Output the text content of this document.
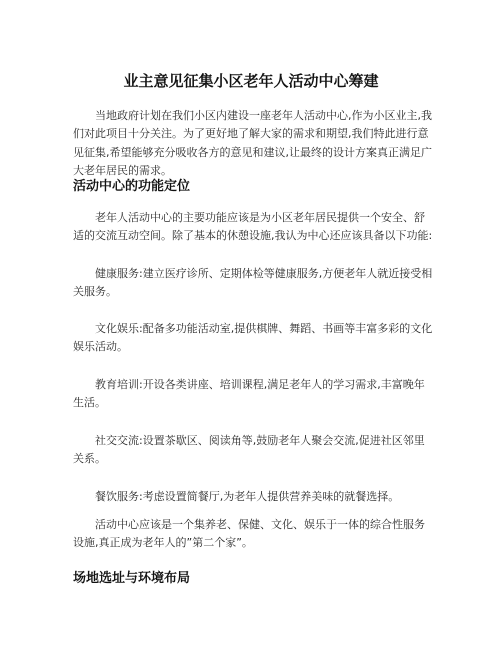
业主意见征集小区老年人活动中心筹建

当地政府计划在我们小区内建设一座老年人活动中心,作为小区业主,我们对此项目十分关注。为了更好地了解大家的需求和期望,我们特此进行意见征集,希望能够充分吸收各方的意见和建议,让最终的设计方案真正满足广大老年居民的需求。

活动中心的功能定位

老年人活动中心的主要功能应该是为小区老年居民提供一个安全、舒适的交流互动空间。除了基本的休憩设施,我认为中心还应该具备以下功能:

健康服务:建立医疗诊所、定期体检等健康服务,方便老年人就近接受相关服务。

文化娱乐:配备多功能活动室,提供棋牌、舞蹈、书画等丰富多彩的文化娱乐活动。

教育培训:开设各类讲座、培训课程,满足老年人的学习需求,丰富晚年生活。

社交交流:设置茶歇区、阅读角等,鼓励老年人聚会交流,促进社区邻里关系。

餐饮服务:考虑设置简餐厅,为老年人提供营养美味的就餐选择。

活动中心应该是一个集养老、保健、文化、娱乐于一体的综合性服务设施,真正成为老年人的”第二个家”。

场地选址与环境布局
